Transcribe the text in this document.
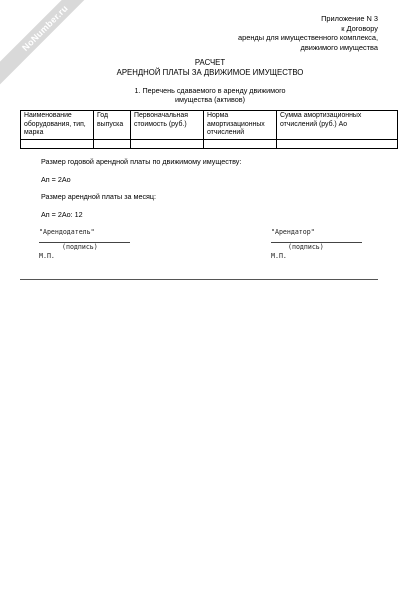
NoNumber.ru	Приложение N 3
к Договору
аренды для имущественного комплекса,
движимого имущества
РАСЧЕТ
АРЕНДНОЙ ПЛАТЫ ЗА ДВИЖИМОЕ ИМУЩЕСТВО
1. Перечень сдаваемого в аренду движимого
имущества (активов)
Наименование оборудования, тип, марка	Год выпуска	Первоначальная стоимость (руб.)	Норма амортизационных отчислений	Сумма амортизационных отчислений (руб.) Ао

Размер годовой арендной платы по движимому имуществу:
Ап = 2Ао
Размер арендной платы за месяц:
Ап = 2Ао: 12
"Арендодатель"
(подпись)
М.П.
"Арендатор"
(подпись)
М.П.
